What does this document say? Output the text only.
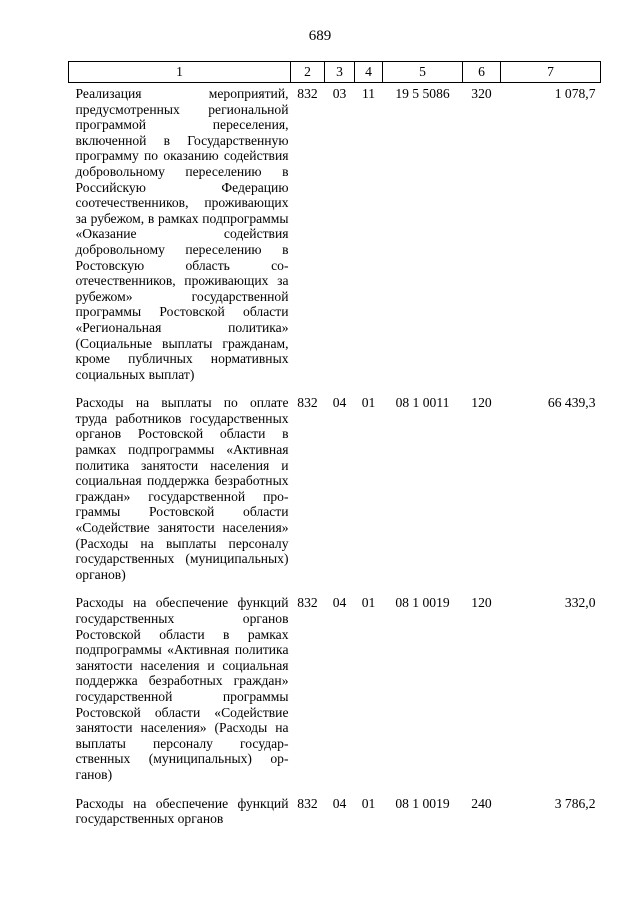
689
1	2	3	4	5	6	7
Реализация мероприятий, предусмотренных региональной программой переселения, включенной в Государственную программу по оказанию содействия добровольному переселению в Российскую Федерацию соотечественников, проживающих за рубежом, в рамках подпрограммы «Оказание содействия добровольному переселению в Ростовскую область соотечественников, проживающих за рубежом» государственной программы Ростовской области «Региональная политика» (Социальные выплаты гражданам, кроме публичных нормативных социальных выплат)	832	03	11	19 5 5086	320	1 078,7
Расходы на выплаты по оплате труда работников государственных органов Ростовской области в рамках подпрограммы «Активная политика занятости населения и социальная поддержка безработных граждан» государственной программы Ростовской области «Содействие занятости населения» (Расходы на выплаты персоналу государственных (муниципальных) органов)	832	04	01	08 1 0011	120	66 439,3
Расходы на обеспечение функций государственных органов Ростовской области в рамках подпрограммы «Активная политика занятости населения и социальная поддержка безработных граждан» государственной программы Ростовской области «Содействие занятости населения» (Расходы на выплаты персоналу государственных (муниципальных) органов)	832	04	01	08 1 0019	120	332,0
Расходы на обеспечение функций государственных органов	832	04	01	08 1 0019	240	3 786,2
